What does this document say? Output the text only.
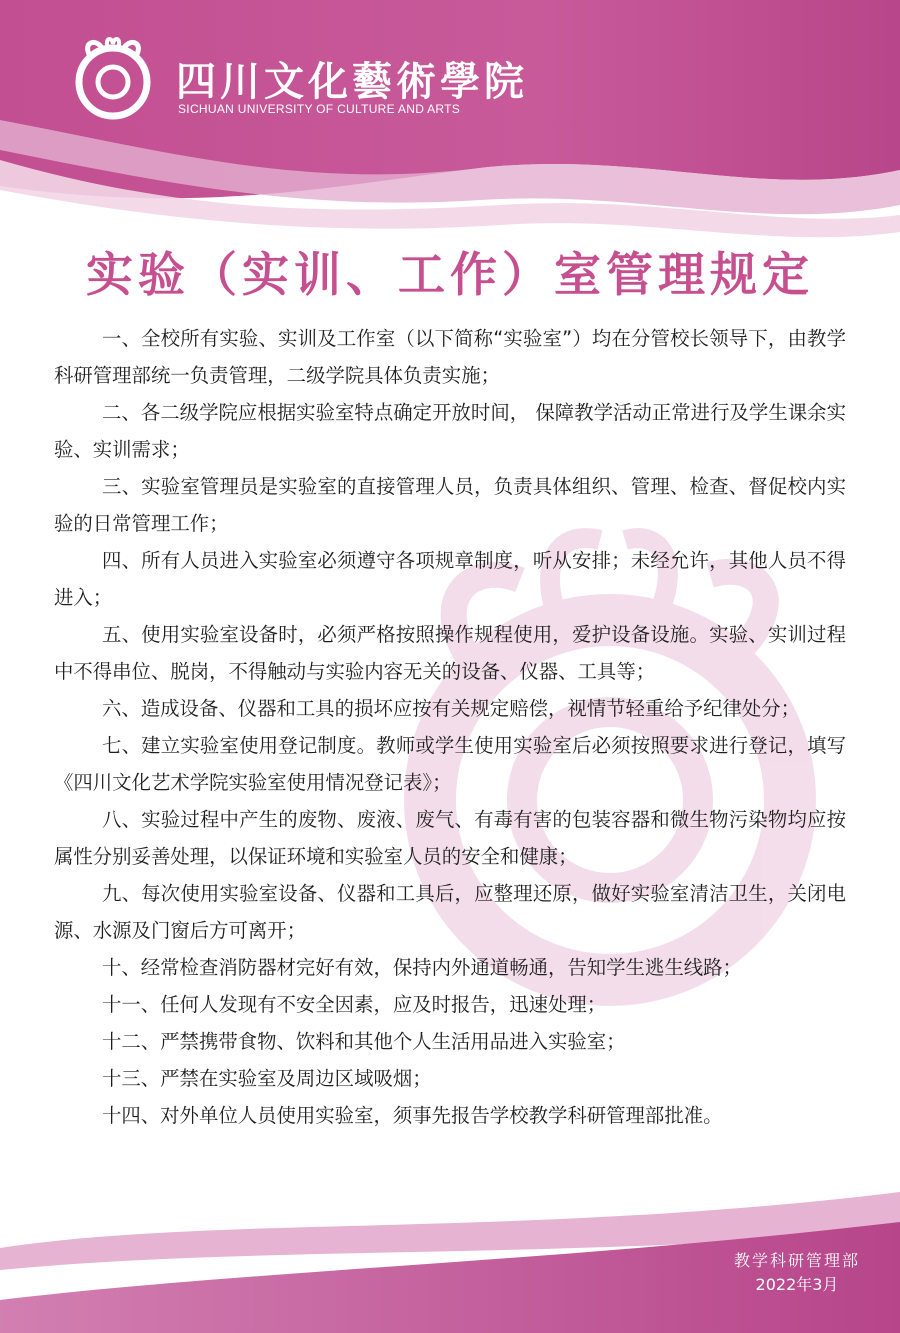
四川文化藝術學院
SICHUAN UNIVERSITY OF CULTURE AND ARTS
实验（实训、工作）室管理规定
一、全校所有实验、实训及工作室（以下简称“实验室”）均在分管校长领导下，由教学科研管理部统一负责管理，二级学院具体负责实施；
二、各二级学院应根据实验室特点确定开放时间， 保障教学活动正常进行及学生课余实验、实训需求；
三、实验室管理员是实验室的直接管理人员，负责具体组织、管理、检查、督促校内实验的日常管理工作；
四、所有人员进入实验室必须遵守各项规章制度，听从安排；未经允许，其他人员不得进入；
五、使用实验室设备时，必须严格按照操作规程使用，爱护设备设施。实验、实训过程中不得串位、脱岗，不得触动与实验内容无关的设备、仪器、工具等；
六、造成设备、仪器和工具的损坏应按有关规定赔偿，视情节轻重给予纪律处分；
七、建立实验室使用登记制度。教师或学生使用实验室后必须按照要求进行登记，填写《四川文化艺术学院实验室使用情况登记表》；
八、实验过程中产生的废物、废液、废气、有毒有害的包装容器和微生物污染物均应按属性分别妥善处理，以保证环境和实验室人员的安全和健康；
九、每次使用实验室设备、仪器和工具后，应整理还原，做好实验室清洁卫生，关闭电源、水源及门窗后方可离开；
十、经常检查消防器材完好有效，保持内外通道畅通，告知学生逃生线路；
十一、任何人发现有不安全因素，应及时报告，迅速处理；
十二、严禁携带食物、饮料和其他个人生活用品进入实验室；
十三、严禁在实验室及周边区域吸烟；
十四、对外单位人员使用实验室，须事先报告学校教学科研管理部批准。
教学科研管理部
2022年3月
